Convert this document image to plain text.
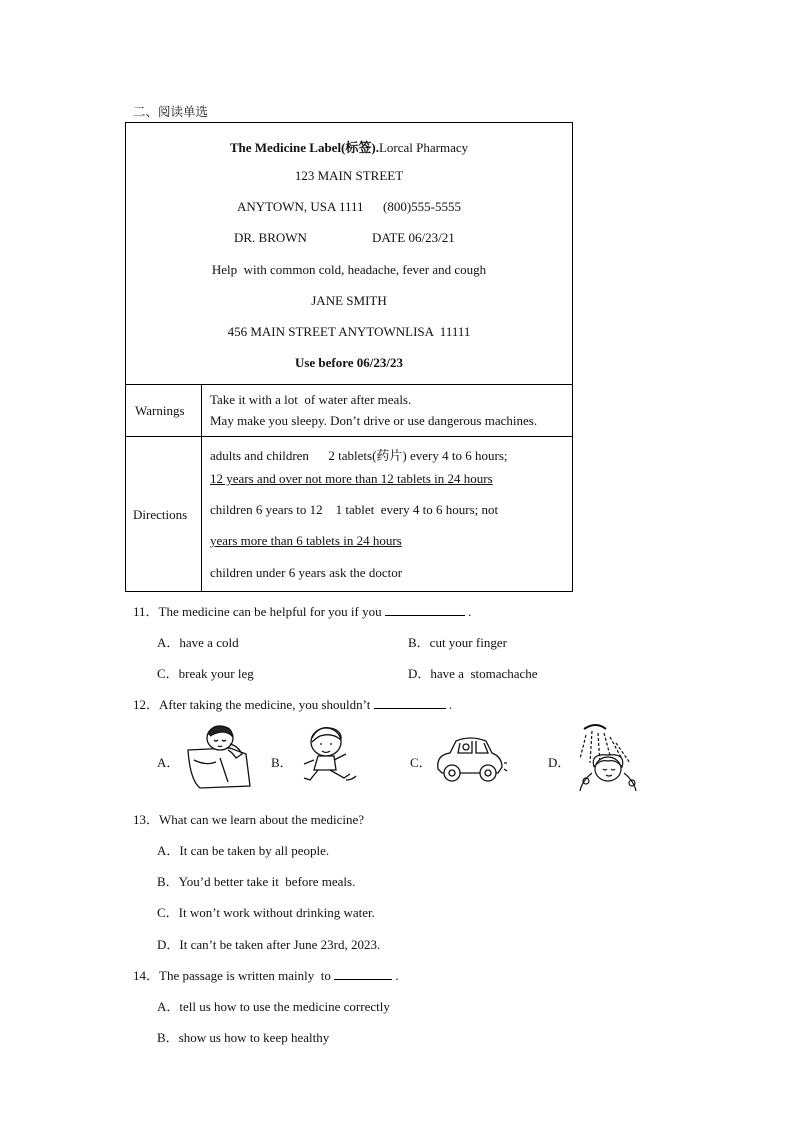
二、阅读单选
The Medicine Label(标签).Lorcal Pharmacy
123 MAIN STREET
ANYTOWN, USA 1111      (800)555-5555
DR. BROWN	DATE 06/23/21
Help  with common cold, headache, fever and cough
JANE SMITH
456 MAIN STREET ANYTOWNLISA  11111
Use before 06/23/23
Warnings
Take it with a lot  of water after meals.
May make you sleepy. Don’t drive or use dangerous machines.
Directions
adults and children      2 tablets(药片) every 4 to 6 hours;
12 years and over not more than 12 tablets in 24 hours
children 6 years to 12    1 tablet  every 4 to 6 hours; not
years more than 6 tablets in 24 hours
children under 6 years ask the doctor
11．The medicine can be helpful for you if you	.
A．have a cold	B．cut your finger
C．break your leg	D．have a  stomachache
12．After taking the medicine, you shouldn’t	.
A．	B．	C．	D．
13．What can we learn about the medicine?
A．It can be taken by all people.
B．You’d better take it  before meals.
C．It won’t work without drinking water.
D．It can’t be taken after June 23rd, 2023.
14．The passage is written mainly  to	.
A．tell us how to use the medicine correctly
B．show us how to keep healthy
